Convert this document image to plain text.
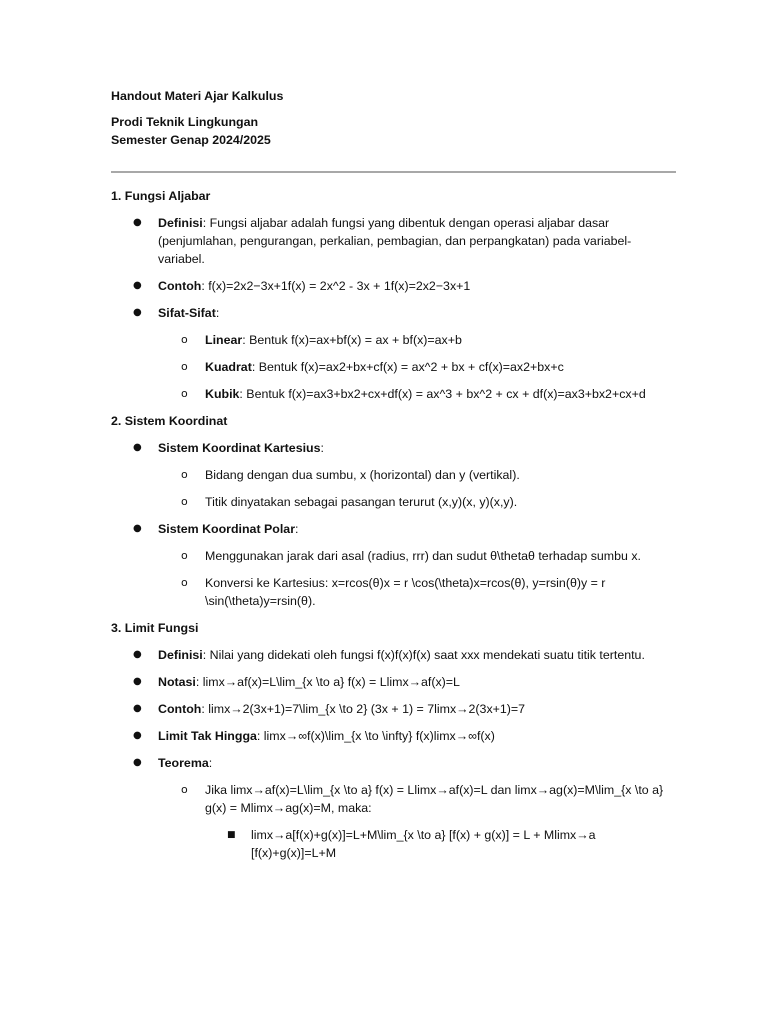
Handout Materi Ajar Kalkulus

Prodi Teknik Lingkungan

Semester Genap 2024/2025

1. Fungsi Aljabar

● Definisi: Fungsi aljabar adalah fungsi yang dibentuk dengan operasi aljabar dasar (penjumlahan, pengurangan, perkalian, pembagian, dan perpangkatan) pada variabel-variabel.
● Contoh: f(x)=2x2−3x+1f(x) = 2x^2 - 3x + 1f(x)=2x2−3x+1
● Sifat-Sifat:
o Linear: Bentuk f(x)=ax+bf(x) = ax + bf(x)=ax+b
o Kuadrat: Bentuk f(x)=ax2+bx+cf(x) = ax^2 + bx + cf(x)=ax2+bx+c
o Kubik: Bentuk f(x)=ax3+bx2+cx+df(x) = ax^3 + bx^2 + cx + df(x)=ax3+bx2+cx+d

2. Sistem Koordinat

● Sistem Koordinat Kartesius:
o Bidang dengan dua sumbu, x (horizontal) dan y (vertikal).
o Titik dinyatakan sebagai pasangan terurut (x,y)(x, y)(x,y).
● Sistem Koordinat Polar:
o Menggunakan jarak dari asal (radius, rrr) dan sudut θ\thetaθ terhadap sumbu x.
o Konversi ke Kartesius: x=rcos⁡(θ)x = r \cos(\theta)x=rcos(θ), y=rsin⁡(θ)y = r \sin(\theta)y=rsin(θ).

3. Limit Fungsi

● Definisi: Nilai yang didekati oleh fungsi f(x)f(x)f(x) saat xxx mendekati suatu titik tertentu.
● Notasi: lim⁡x→af(x)=L\lim_{x \to a} f(x) = Llimx→af(x)=L
● Contoh: lim⁡x→2(3x+1)=7\lim_{x \to 2} (3x + 1) = 7limx→2(3x+1)=7
● Limit Tak Hingga: lim⁡x→∞f(x)\lim_{x \to \infty} f(x)limx→∞f(x)
● Teorema:
o Jika lim⁡x→af(x)=L\lim_{x \to a} f(x) = Llimx→af(x)=L dan lim⁡x→ag(x)=M\lim_{x \to a} g(x) = Mlimx→ag(x)=M, maka:
■ lim⁡x→a[f(x)+g(x)]=L+M\lim_{x \to a} [f(x) + g(x)] = L + Mlimx→a [f(x)+g(x)]=L+M
